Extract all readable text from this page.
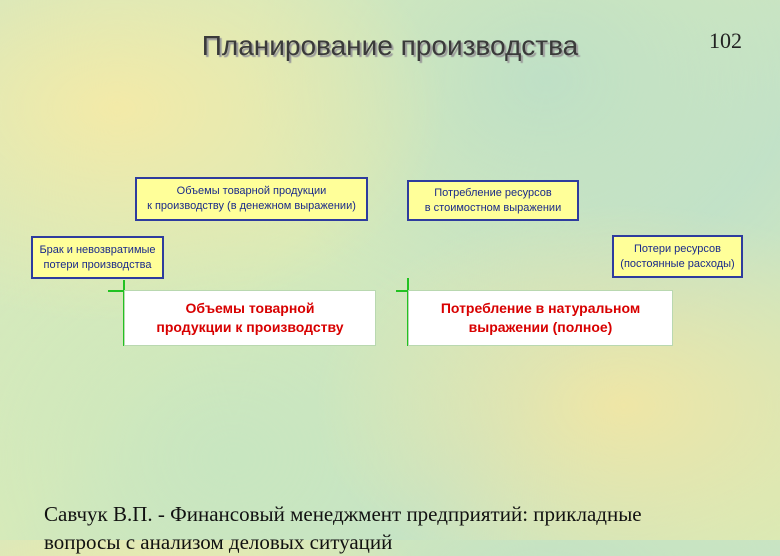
Планирование производства	102
Объемы товарной продукции
к производству (в денежном выражении)
Потребление ресурсов
в стоимостном выражении
Брак и невозвратимые
потери производства
Потери ресурсов
(постоянные расходы)
Объемы товарной
продукции к производству
Потребление в натуральном
выражении (полное)
Савчук В.П. - Финансовый менеджмент предприятий: прикладные
вопросы с анализом деловых ситуаций
